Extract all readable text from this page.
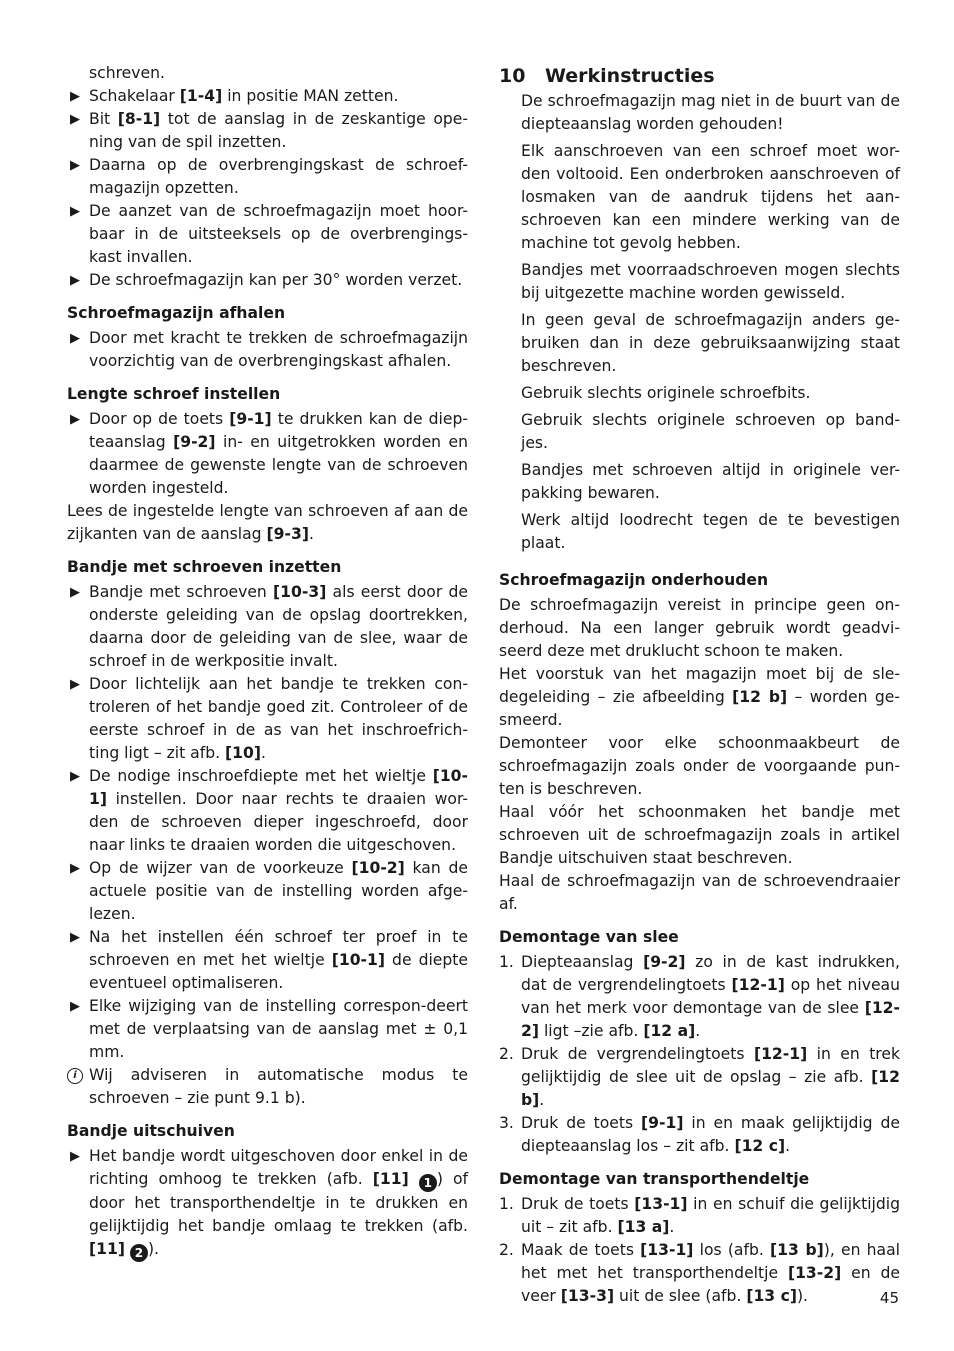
schreven.

▶ Schakelaar [1-4] in positie MAN zetten.
▶ Bit [8-1] tot de aanslag in de zeskantige ope-ning van de spil inzetten.
▶ Daarna op de overbrengingskast de schroef-magazijn opzetten.
▶ De aanzet van de schroefmagazijn moet hoor-baar in de uitsteeksels op de overbrengings-kast invallen.
▶ De schroefmagazijn kan per 30° worden verzet.
Schroefmagazijn afhalen
▶ Door met kracht te trekken de schroefmagazijn voorzichtig van de overbrengingskast afhalen.
Lengte schroef instellen
▶ Door op de toets [9-1] te drukken kan de diep-teaanslag [9-2] in- en uitgetrokken worden en daarmee de gewenste lengte van de schroeven worden ingesteld.

Lees de ingestelde lengte van schroeven af aan de zijkanten van de aanslag [9-3].

Bandje met schroeven inzetten
▶ Bandje met schroeven [10-3] als eerst door de onderste geleiding van de opslag doortrekken, daarna door de geleiding van de slee, waar de schroef in de werkpositie invalt.
▶ Door lichtelijk aan het bandje te trekken con-troleren of het bandje goed zit. Controleer of de eerste schroef in de as van het inschroefrich-ting ligt – zit afb. [10].
▶ De nodige inschroefdiepte met het wieltje [10-1] instellen. Door naar rechts te draaien wor-den de schroeven dieper ingeschroefd, door naar links te draaien worden die uitgeschoven.
▶ Op de wijzer van de voorkeuze [10-2] kan de actuele positie van de instelling worden afge-lezen.
▶ Na het instellen één schroef ter proef in te schroeven en met het wieltje [10-1] de diepte eventueel optimaliseren.
▶ Elke wijziging van de instelling correspon-deert met de verplaatsing van de aanslag met ± 0,1 mm.
i Wij adviseren in automatische modus te schroeven – zie punt 9.1 b).
Bandje uitschuiven
▶ Het bandje wordt uitgeschoven door enkel in de richting omhoog te trekken (afb. [11] 1 ) of door het transporthendeltje in te drukken en gelijktijdig het bandje omlaag te trekken (afb. [11] 2 ).
10 Werkinstructies

De schroefmagazijn mag niet in de buurt van de diepteaanslag worden gehouden!

Elk aanschroeven van een schroef moet wor-den voltooid. Een onderbroken aanschroeven of losmaken van de aandruk tijdens het aan-schroeven kan een mindere werking van de machine tot gevolg hebben.

Bandjes met voorraadschroeven mogen slechts bij uitgezette machine worden gewisseld.

In geen geval de schroefmagazijn anders ge-bruiken dan in deze gebruiksaanwijzing staat beschreven.

Gebruik slechts originele schroefbits.

Gebruik slechts originele schroeven op band-jes.

Bandjes met schroeven altijd in originele ver-pakking bewaren.

Werk altijd loodrecht tegen de te bevestigen plaat.

Schroefmagazijn onderhouden

De schroefmagazijn vereist in principe geen on-derhoud. Na een langer gebruik wordt geadvi-seerd deze met druklucht schoon te maken.

Het voorstuk van het magazijn moet bij de sle-degeleiding – zie afbeelding [12 b] – worden ge-smeerd.

Demonteer voor elke schoonmaakbeurt de schroefmagazijn zoals onder de voorgaande pun-ten is beschreven.

Haal vóór het schoonmaken het bandje met schroeven uit de schroefmagazijn zoals in artikel Bandje uitschuiven staat beschreven.

Haal de schroefmagazijn van de schroevendraaier af.

Demontage van slee
1. Diepteaanslag [9-2] zo in de kast indrukken, dat de vergrendelingtoets [12-1] op het niveau van het merk voor demontage van de slee [12-2] ligt –zie afb. [12 a].
2. Druk de vergrendelingtoets [12-1] in en trek gelijktijdig de slee uit de opslag – zie afb. [12 b].
3. Druk de toets [9-1] in en maak gelijktijdig de diepteaanslag los – zit afb. [12 c].
Demontage van transporthendeltje
1. Druk de toets [13-1] in en schuif die gelijktijdig uit – zit afb. [13 a].
2. Maak de toets [13-1] los (afb. [13 b]), en haal het met het transporthendeltje [13-2] en de veer [13-3] uit de slee (afb. [13 c]).	45
